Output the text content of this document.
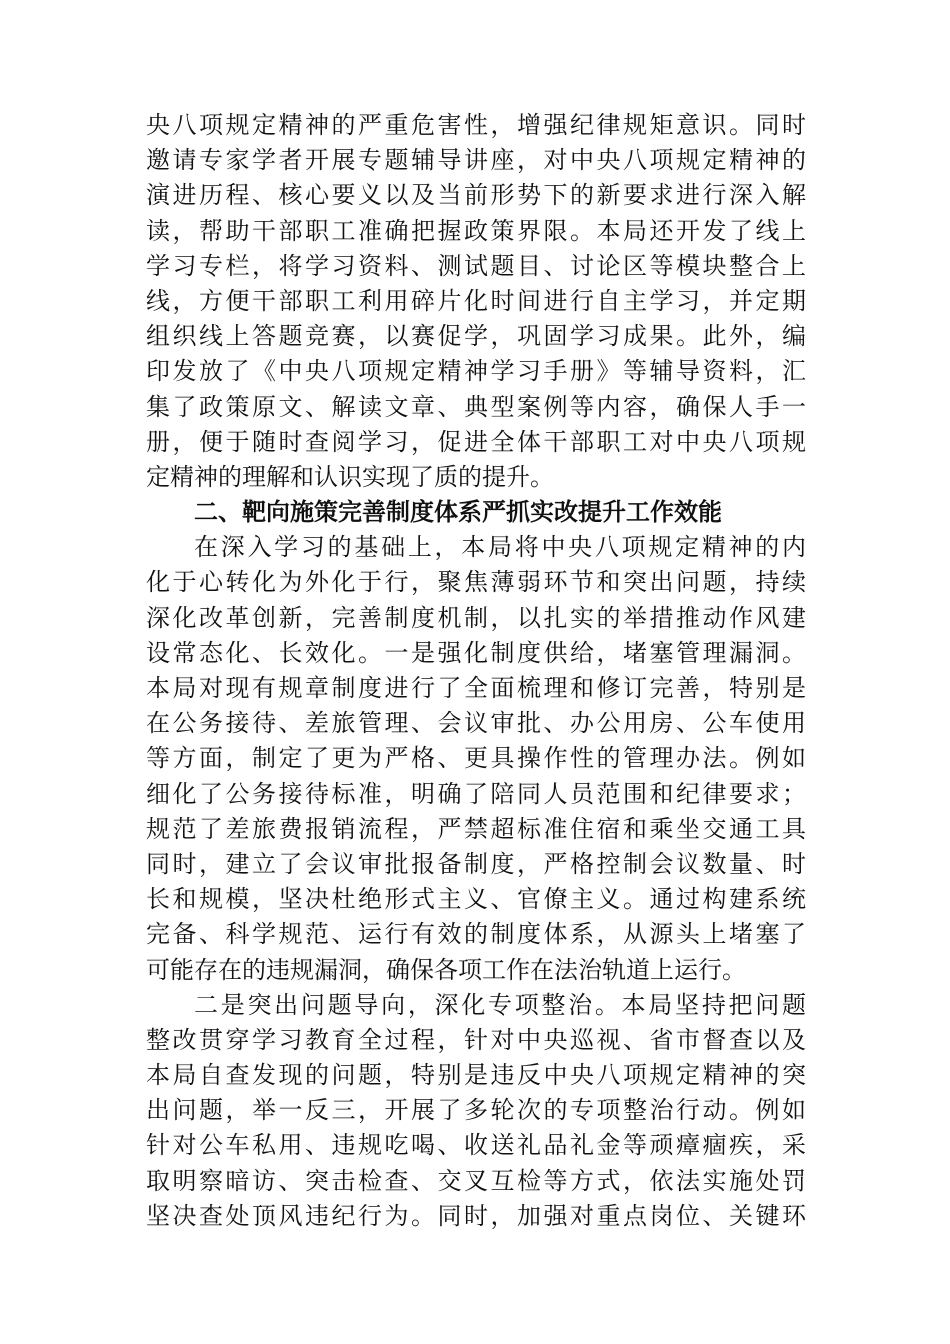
央八项规定精神的严重危害性，增强纪律规矩意识。同时
邀请专家学者开展专题辅导讲座，对中央八项规定精神的
演进历程、核心要义以及当前形势下的新要求进行深入解
读，帮助干部职工准确把握政策界限。本局还开发了线上
学习专栏，将学习资料、测试题目、讨论区等模块整合上
线，方便干部职工利用碎片化时间进行自主学习，并定期
组织线上答题竞赛，以赛促学，巩固学习成果。此外，编
印发放了《中央八项规定精神学习手册》等辅导资料，汇
集了政策原文、解读文章、典型案例等内容，确保人手一
册，便于随时查阅学习，促进全体干部职工对中央八项规
定精神的理解和认识实现了质的提升。
二、靶向施策完善制度体系严抓实改提升工作效能
在深入学习的基础上，本局将中央八项规定精神的内
化于心转化为外化于行，聚焦薄弱环节和突出问题，持续
深化改革创新，完善制度机制，以扎实的举措推动作风建
设常态化、长效化。一是强化制度供给，堵塞管理漏洞。
本局对现有规章制度进行了全面梳理和修订完善，特别是
在公务接待、差旅管理、会议审批、办公用房、公车使用
等方面，制定了更为严格、更具操作性的管理办法。例如
细化了公务接待标准，明确了陪同人员范围和纪律要求；
规范了差旅费报销流程，严禁超标准住宿和乘坐交通工具
同时，建立了会议审批报备制度，严格控制会议数量、时
长和规模，坚决杜绝形式主义、官僚主义。通过构建系统
完备、科学规范、运行有效的制度体系，从源头上堵塞了
可能存在的违规漏洞，确保各项工作在法治轨道上运行。
二是突出问题导向，深化专项整治。本局坚持把问题
整改贯穿学习教育全过程，针对中央巡视、省市督查以及
本局自查发现的问题，特别是违反中央八项规定精神的突
出问题，举一反三，开展了多轮次的专项整治行动。例如
针对公车私用、违规吃喝、收送礼品礼金等顽瘴痼疾，采
取明察暗访、突击检查、交叉互检等方式，依法实施处罚
坚决查处顶风违纪行为。同时，加强对重点岗位、关键环
